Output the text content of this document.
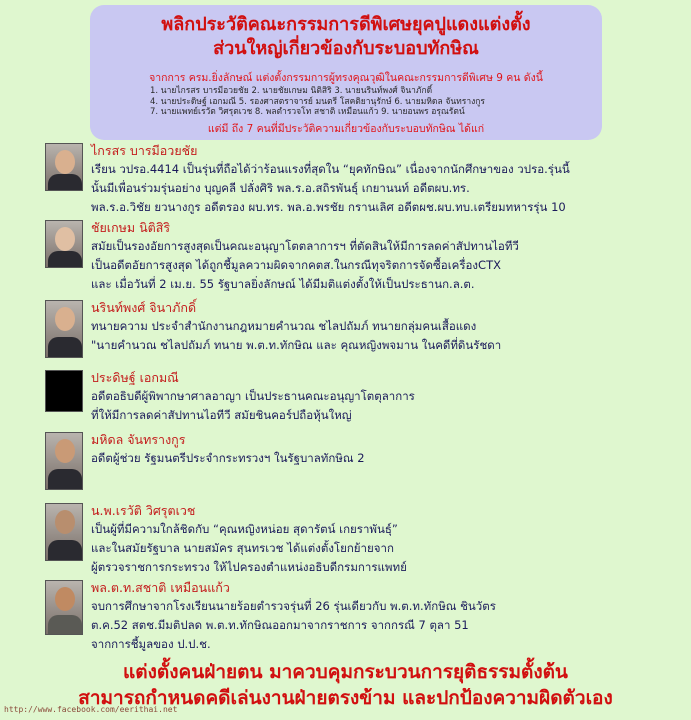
พลิกประวัติคณะกรรมการดีพิเศษยุคปูแดงแต่งตั้ง
ส่วนใหญ่เกี่ยวข้องกับระบอบทักษิณ
จากการ ครม.ยิ่งลักษณ์ แต่งตั้งกรรมการผู้ทรงคุณวุฒิในคณะกรรมการดีพิเศษ 9 คน ดังนี้
1. นายไกรสร บารมีอวยชัย 2. นายชัยเกษม นิติสิริ 3. นายนรินท์พงศ์ จินาภักดิ์
4. นายประดิษฐ์ เอกมณี 5. รองศาสตราจารย์ มนตรี โสคติยานุรักษ์ 6. นายมหิดล จันทรางกูร
7. นายแพทย์เรวัต วิศรุตเวช 8. พลตำรวจโท สชาติ เหมือนแก้ว 9. นายอนพร อรุณรัตน์
แต่มี ถึง 7 คนที่มีประวัติความเกี่ยวข้องกับระบอบทักษิณ ได้แก่
ไกรสร บารมีอวยชัย
เรียน วปรอ.4414 เป็นรุ่นที่ถือได้ว่าร้อนแรงที่สุดใน “ยุคทักษิณ” เนื่องจากนักศึกษาของ วปรอ.รุ่นนี้
นั้นมีเพื่อนร่วมรุ่นอย่าง บุญคลี ปลั่งศิริ พล.ร.อ.สถิรพันธุ์ เกยานนท์ อดีตผบ.ทร.
พล.ร.อ.วิชัย ยวนางกูร อดีตรอง ผบ.ทร. พล.อ.พรชัย กรานเลิศ อดีตผช.ผบ.ทบ.เตรียมทหารรุ่น 10
ชัยเกษม นิติสิริ
สมัยเป็นรองอัยการสูงสุดเป็นคณะอนุญาโตตลาการฯ ที่ตัดสินให้มีการลดค่าสัปทานไอทีวี
เป็นอดีตอัยการสูงสุด ได้ถูกชี้มูลความผิดจากคตส.ในกรณีทุจริตการจัดซื้อเครื่องCTX
และ เมื่อวันที่ 2 เม.ย. 55 รัฐบาลยิ่งลักษณ์ ได้มีมติแต่งตั้งให้เป็นประธานก.ล.ต.
นรินท์พงศ์ จินาภักดิ์
ทนายความ ประจำสำนักงานกฎหมายคำนวณ ชไลปถัมภ์ ทนายกลุ่มคนเสื้อแดง
"นายคำนวณ ชไลปถัมภ์ ทนาย พ.ต.ท.ทักษิณ และ คุณหญิงพจมาน ในคดีที่ดินรัชดา
ประดิษฐ์ เอกมณี
อดีตอธิบดีผู้พิพากษาศาลอาญา เป็นประธานคณะอนุญาโตตุลาการ
ที่ให้มีการลดค่าสัปทานไอทีวี สมัยชินคอร์ปถือหุ้นใหญ่
มหิดล จันทรางกูร
อดีตผู้ช่วย รัฐมนตรีประจำกระทรวงฯ ในรัฐบาลทักษิณ 2
น.พ.เรวัติ วิศรุตเวช
เป็นผู้ที่มีความใกล้ชิดกับ “คุณหญิงหน่อย สุดารัตน์ เกยราพันธุ์”
และในสมัยรัฐบาล นายสมัคร สุนทรเวช ได้แต่งตั้งโยกย้ายจาก
ผู้ตรวจราชการกระทรวง ให้ไปครองตำแหน่งอธิบดีกรมการแพทย์
พล.ต.ท.สชาติ เหมือนแก้ว
จบการศึกษาจากโรงเรียนนายร้อยตำรวจรุ่นที่ 26 รุ่นเดียวกับ พ.ต.ท.ทักษิณ ชินวัตร
ต.ค.52 สตช.มีมติปลด พ.ต.ท.ทักษิณออกมาจากราชการ จากกรณี 7 ตุลา 51
จากการชี้มูลของ ป.ป.ช.
แต่งตั้งคนฝ่ายตน มาควบคุมกระบวนการยุติธรรมตั้งต้น
สามารถกำหนดคดีเล่นงานฝ่ายตรงข้าม และปกป้องความผิดตัวเอง
http://www.facebook.com/eerithai.net
